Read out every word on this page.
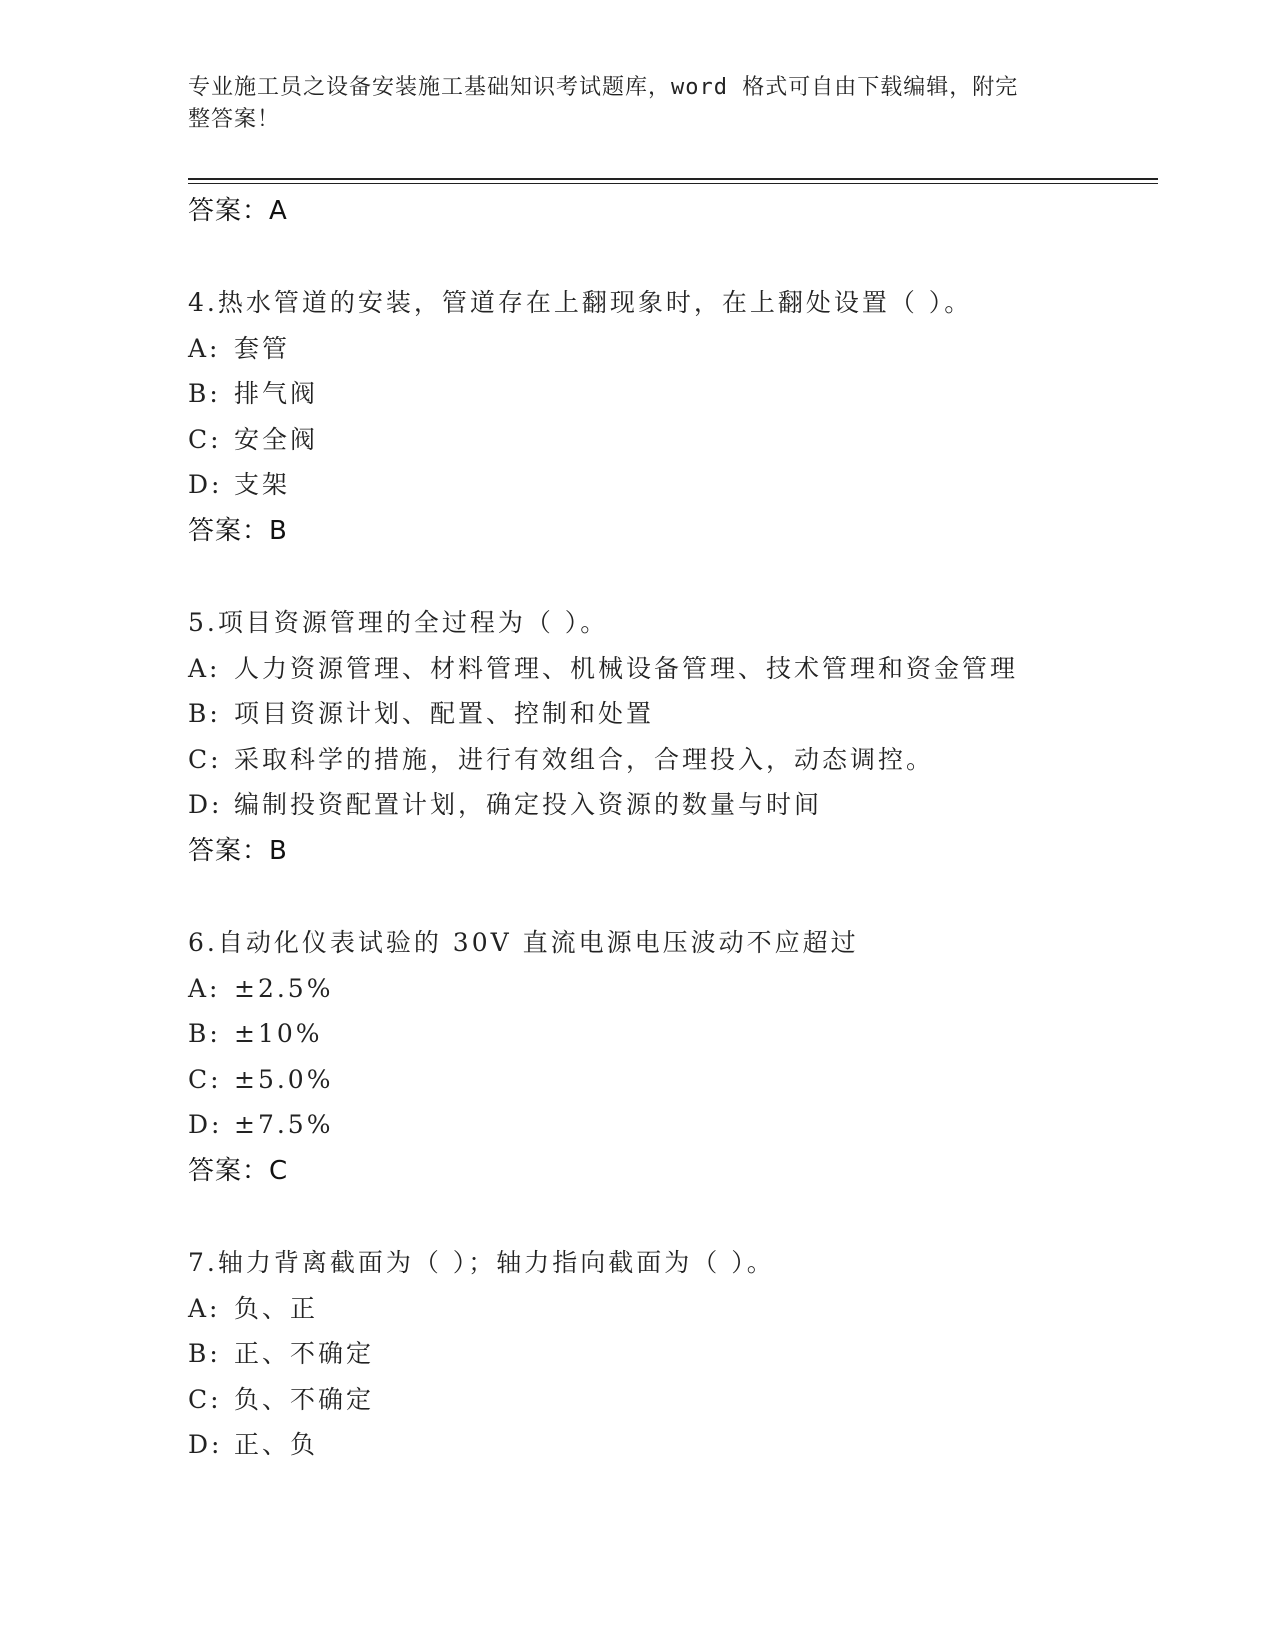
专业施工员之设备安装施工基础知识考试题库，word 格式可自由下载编辑，附完
整答案！

答案：A

4.热水管道的安装，管道存在上翻现象时，在上翻处设置（ ）。

A: 套管

B: 排气阀

C: 安全阀

D: 支架

答案：B

5.项目资源管理的全过程为（ ）。

A: 人力资源管理、材料管理、机械设备管理、技术管理和资金管理

B: 项目资源计划、配置、控制和处置

C: 采取科学的措施，进行有效组合，合理投入，动态调控。

D: 编制投资配置计划，确定投入资源的数量与时间

答案：B

6.自动化仪表试验的 30V 直流电源电压波动不应超过

A: ±2.5%

B: ±10%

C: ±5.0%

D: ±7.5%

答案：C

7.轴力背离截面为（ ）；轴力指向截面为（ ）。

A: 负、正

B: 正、不确定

C: 负、不确定

D: 正、负
